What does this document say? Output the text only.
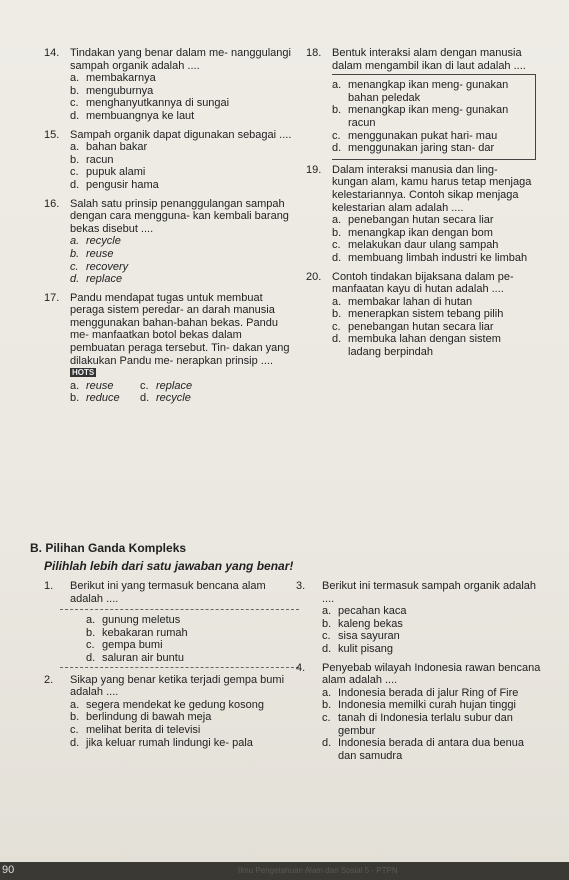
14. Tindakan yang benar dalam me- nanggulangi sampah organik adalah ....
a. membakarnya
b. menguburnya
c. menghanyutkannya di sungai
d. membuangnya ke laut
15. Sampah organik dapat digunakan sebagai ....
a. bahan bakar
b. racun
c. pupuk alami
d. pengusir hama
16. Salah satu prinsip penanggulangan sampah dengan cara mengguna- kan kembali barang bekas disebut ....
a. recycle
b. reuse
c. recovery
d. replace
17. Pandu mendapat tugas untuk membuat peraga sistem peredar- an darah manusia menggunakan bahan-bahan bekas. Pandu me- manfaatkan botol bekas dalam pembuatan peraga tersebut. Tin- dakan yang dilakukan Pandu me- nerapkan prinsip .... HOTS
a. reuse	c. replace
b. reduce	d. recycle
18. Bentuk interaksi alam dengan manusia dalam mengambil ikan di laut adalah ....
a. menangkap ikan meng- gunakan bahan peledak
b. menangkap ikan meng- gunakan racun
c. menggunakan pukat hari- mau
d. menggunakan jaring stan- dar
19. Dalam interaksi manusia dan ling- kungan alam, kamu harus tetap menjaga kelestariannya. Contoh sikap menjaga kelestarian alam adalah ....
a. penebangan hutan secara liar
b. menangkap ikan dengan bom
c. melakukan daur ulang sampah
d. membuang limbah industri ke limbah
20. Contoh tindakan bijaksana dalam pe- manfaatan kayu di hutan adalah ....
a. membakar lahan di hutan
b. menerapkan sistem tebang pilih
c. penebangan hutan secara liar
d. membuka lahan dengan sistem ladang berpindah
B. Pilihan Ganda Kompleks
Pilihlah lebih dari satu jawaban yang benar!
1.	Berikut ini yang termasuk bencana alam adalah ....
a. gunung meletus
b. kebakaran rumah
c. gempa bumi
d. saluran air buntu
2.	Sikap yang benar ketika terjadi gempa bumi adalah ....
a. segera mendekat ke gedung kosong
b. berlindung di bawah meja
c. melihat berita di televisi
d. jika keluar rumah lindungi ke- pala
3.	Berikut ini termasuk sampah organik adalah ....
a. pecahan kaca
b. kaleng bekas
c. sisa sayuran
d. kulit pisang
4.	Penyebab wilayah Indonesia rawan bencana alam adalah ....
a. Indonesia berada di jalur Ring of Fire
b. Indonesia memilki curah hujan tinggi
c. tanah di Indonesia terlalu subur dan gembur
d. Indonesia berada di antara dua benua dan samudra
90	Ilmu Pengetahuan Alam dan Sosial 5 - PTPN
